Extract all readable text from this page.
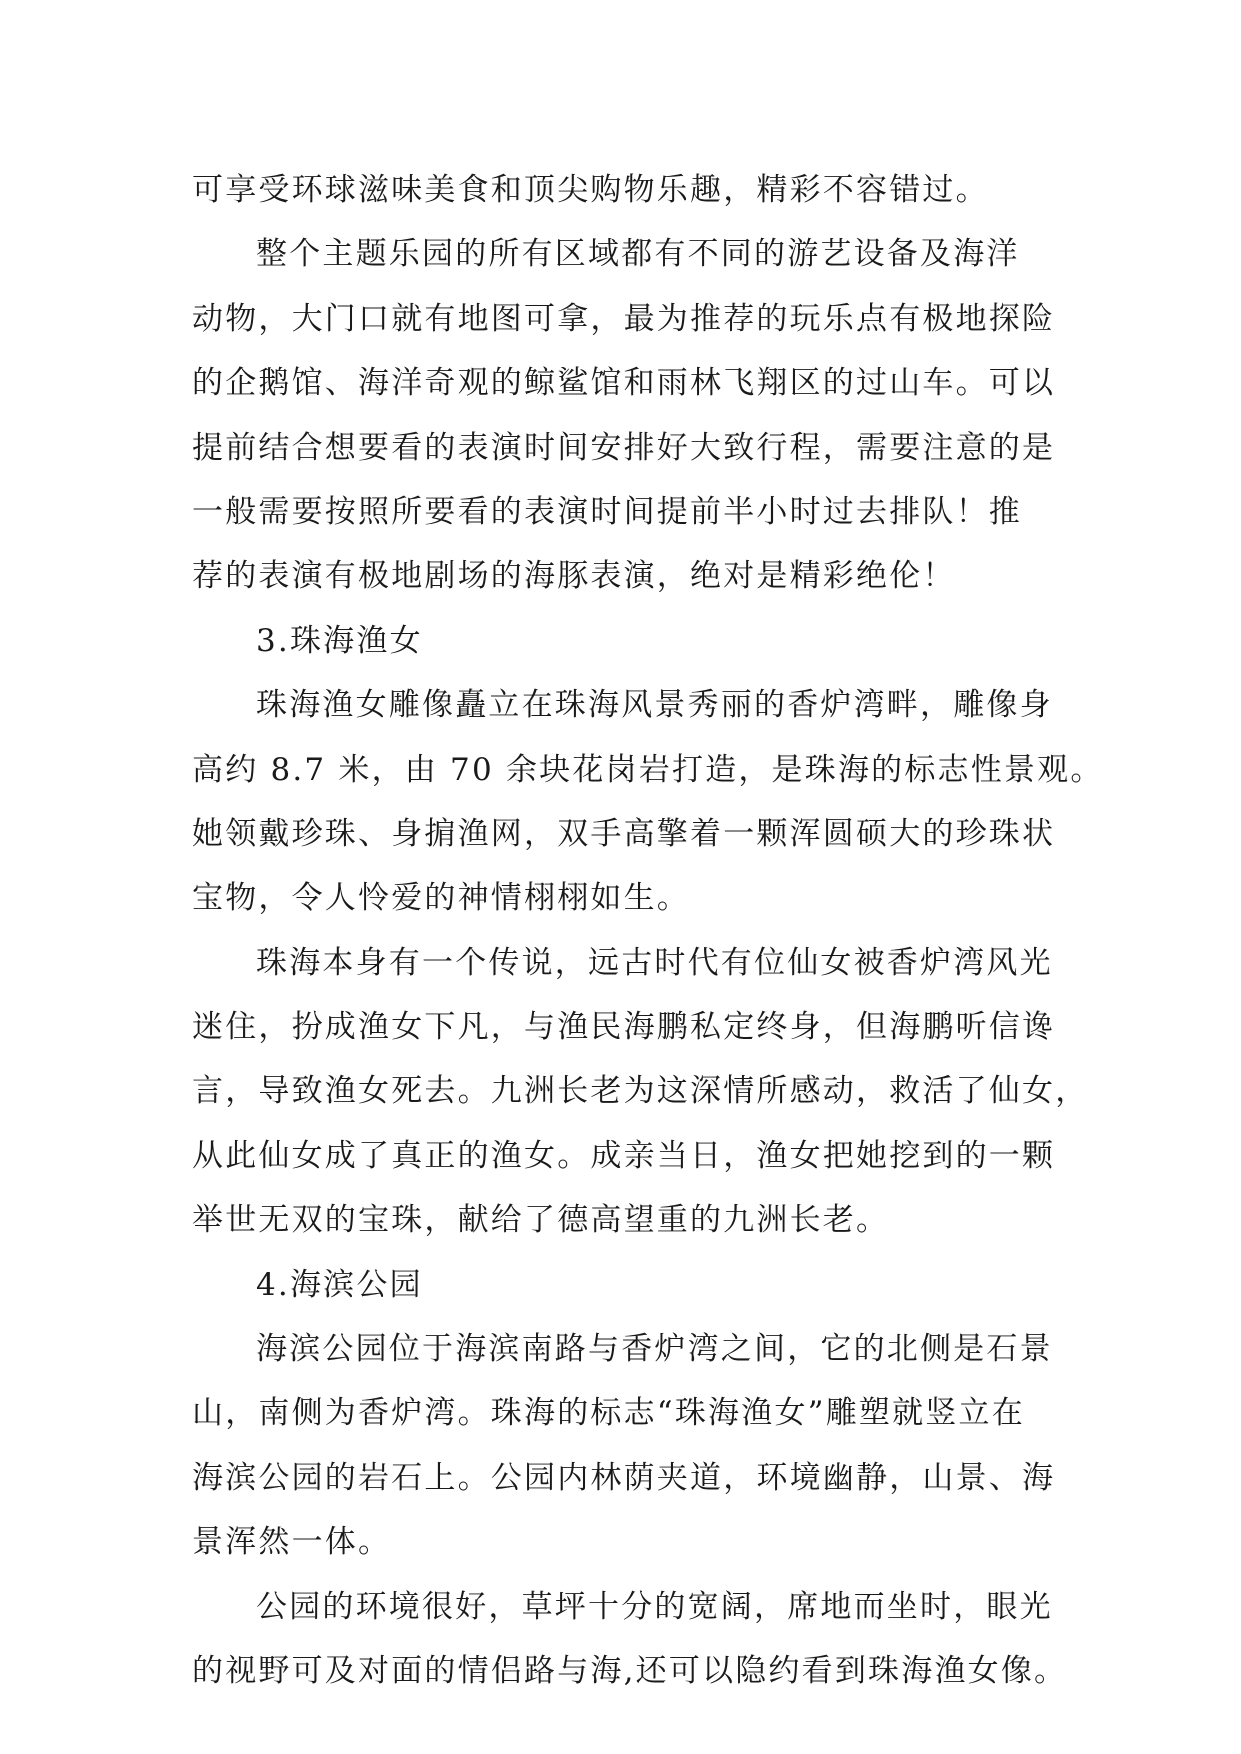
可享受环球滋味美食和顶尖购物乐趣，精彩不容错过。
整个主题乐园的所有区域都有不同的游艺设备及海洋
动物，大门口就有地图可拿，最为推荐的玩乐点有极地探险
的企鹅馆、海洋奇观的鲸鲨馆和雨林飞翔区的过山车。可以
提前结合想要看的表演时间安排好大致行程，需要注意的是
一般需要按照所要看的表演时间提前半小时过去排队！推
荐的表演有极地剧场的海豚表演，绝对是精彩绝伦！
3.珠海渔女
珠海渔女雕像矗立在珠海风景秀丽的香炉湾畔，雕像身
高约 8.7 米，由 70 余块花岗岩打造，是珠海的标志性景观。
她领戴珍珠、身掮渔网，双手高擎着一颗浑圆硕大的珍珠状
宝物，令人怜爱的神情栩栩如生。
珠海本身有一个传说，远古时代有位仙女被香炉湾风光
迷住，扮成渔女下凡，与渔民海鹏私定终身，但海鹏听信谗
言，导致渔女死去。九洲长老为这深情所感动，救活了仙女，
从此仙女成了真正的渔女。成亲当日，渔女把她挖到的一颗
举世无双的宝珠，献给了德高望重的九洲长老。
4.海滨公园
海滨公园位于海滨南路与香炉湾之间，它的北侧是石景
山，南侧为香炉湾。珠海的标志“珠海渔女”雕塑就竖立在
海滨公园的岩石上。公园内林荫夹道，环境幽静，山景、海
景浑然一体。
公园的环境很好，草坪十分的宽阔，席地而坐时，眼光
的视野可及对面的情侣路与海,还可以隐约看到珠海渔女像。
